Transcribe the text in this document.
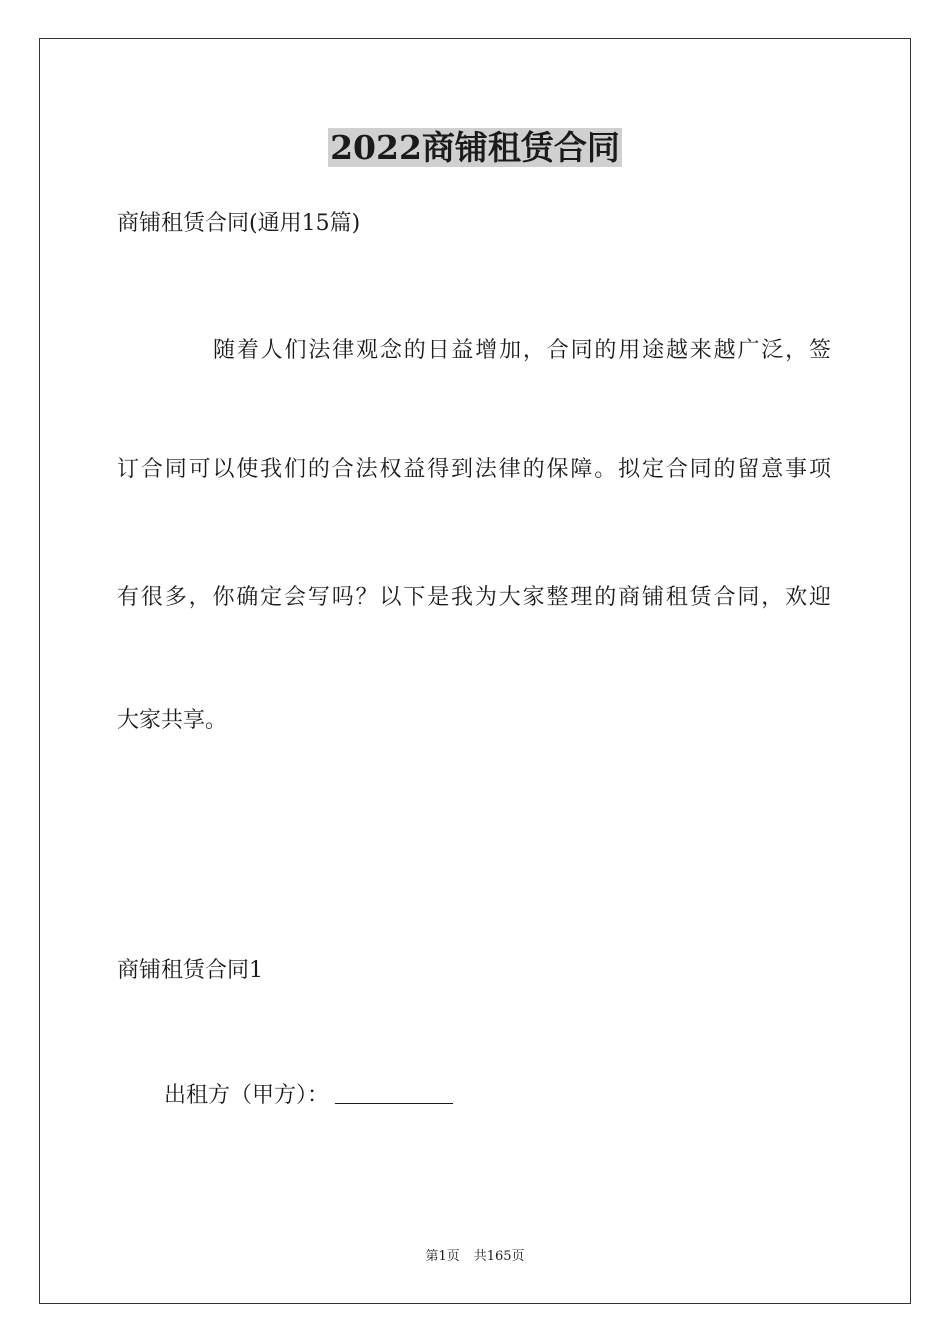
2022商铺租赁合同
商铺租赁合同(通用15篇)
随着人们法律观念的日益增加，合同的用途越来越广泛，签
订合同可以使我们的合法权益得到法律的保障。拟定合同的留意事项
有很多，你确定会写吗？以下是我为大家整理的商铺租赁合同，欢迎
大家共享。
商铺租赁合同1
出租方（甲方）：
第1页 共165页
